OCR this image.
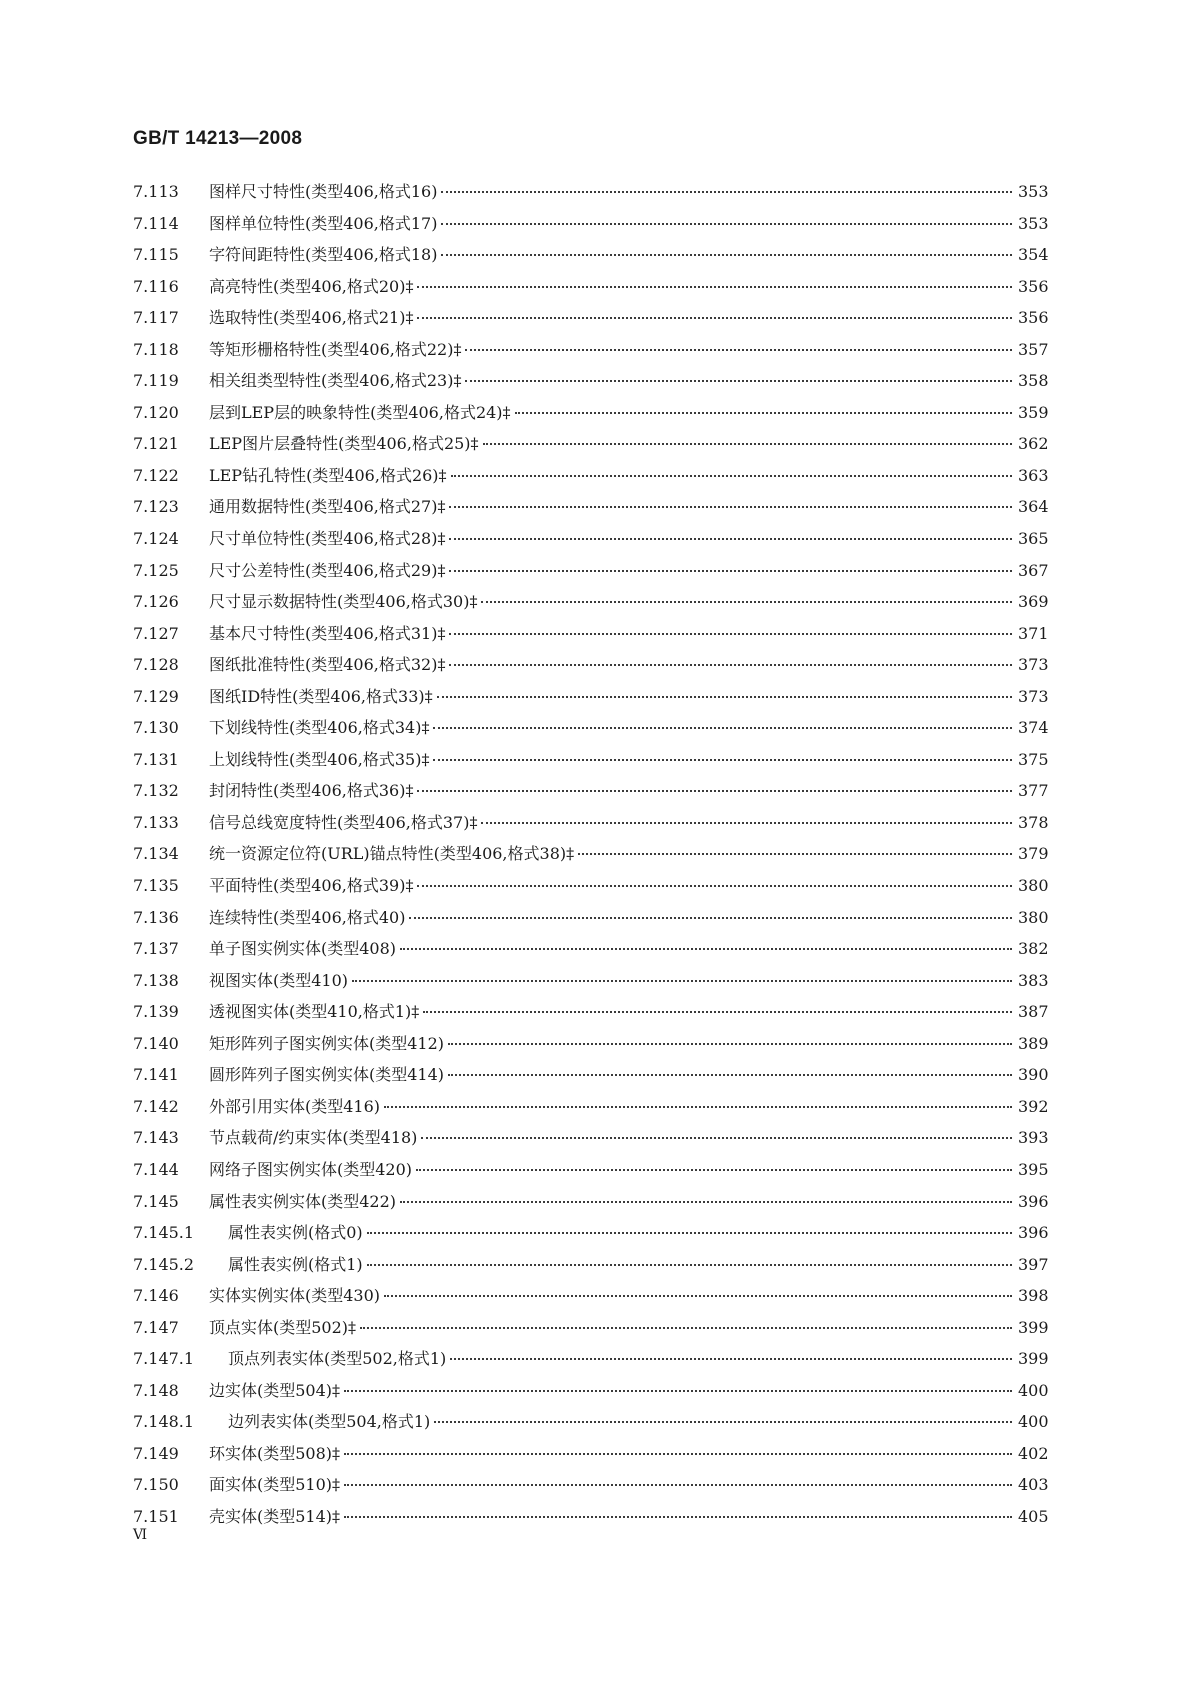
GB/T 14213—2008
7.113	图样尺寸特性(类型406,格式16)	353
7.114	图样单位特性(类型406,格式17)	353
7.115	字符间距特性(类型406,格式18)	354
7.116	高亮特性(类型406,格式20)‡	356
7.117	选取特性(类型406,格式21)‡	356
7.118	等矩形栅格特性(类型406,格式22)‡	357
7.119	相关组类型特性(类型406,格式23)‡	358
7.120	层到LEP层的映象特性(类型406,格式24)‡	359
7.121	LEP图片层叠特性(类型406,格式25)‡	362
7.122	LEP钻孔特性(类型406,格式26)‡	363
7.123	通用数据特性(类型406,格式27)‡	364
7.124	尺寸单位特性(类型406,格式28)‡	365
7.125	尺寸公差特性(类型406,格式29)‡	367
7.126	尺寸显示数据特性(类型406,格式30)‡	369
7.127	基本尺寸特性(类型406,格式31)‡	371
7.128	图纸批准特性(类型406,格式32)‡	373
7.129	图纸ID特性(类型406,格式33)‡	373
7.130	下划线特性(类型406,格式34)‡	374
7.131	上划线特性(类型406,格式35)‡	375
7.132	封闭特性(类型406,格式36)‡	377
7.133	信号总线宽度特性(类型406,格式37)‡	378
7.134	统一资源定位符(URL)锚点特性(类型406,格式38)‡	379
7.135	平面特性(类型406,格式39)‡	380
7.136	连续特性(类型406,格式40)	380
7.137	单子图实例实体(类型408)	382
7.138	视图实体(类型410)	383
7.139	透视图实体(类型410,格式1)‡	387
7.140	矩形阵列子图实例实体(类型412)	389
7.141	圆形阵列子图实例实体(类型414)	390
7.142	外部引用实体(类型416)	392
7.143	节点载荷/约束实体(类型418)	393
7.144	网络子图实例实体(类型420)	395
7.145	属性表实例实体(类型422)	396
7.145.1	属性表实例(格式0)	396
7.145.2	属性表实例(格式1)	397
7.146	实体实例实体(类型430)	398
7.147	顶点实体(类型502)‡	399
7.147.1	顶点列表实体(类型502,格式1)	399
7.148	边实体(类型504)‡	400
7.148.1	边列表实体(类型504,格式1)	400
7.149	环实体(类型508)‡	402
7.150	面实体(类型510)‡	403
7.151	壳实体(类型514)‡	405
Ⅵ
